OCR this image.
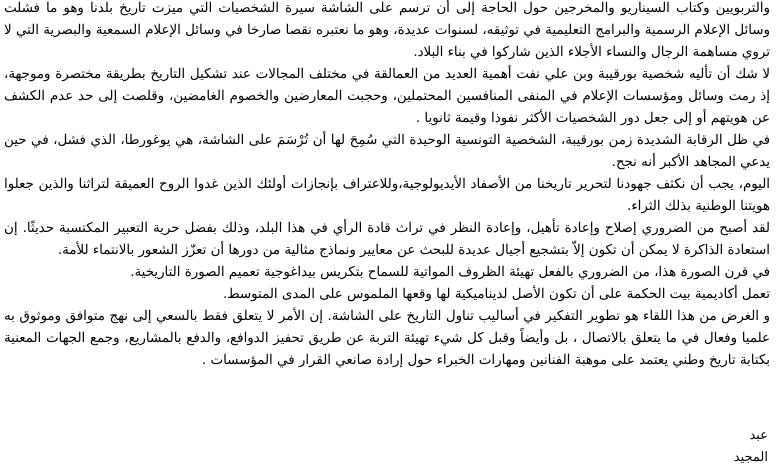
والتربويين وكتاب السيناريو والمخرجين حول الحاجة إلى أن ترسم على الشاشة سيرة الشخصيات التي ميزت تاريخ بلدنا وهو ما فشلت وسائل الإعلام الرسمية والبرامج التعليمية في توثيقه، لسنوات عديدة، وهو ما نعتبره نقصا صارخا في وسائل الإعلام السمعية والبصرية التي لا تروي مساهمة الرجال والنساء الأجلاء الذين شاركوا في بناء البلاد.

لا شك أن تأليه شخصية بورقيبة وبن علي نفت أهمية العديد من العمالقة في مختلف المجالات عند تشكيل التاريخ بطريقة مختصرة وموجهة، إذ رمت وسائل ومؤسسات الإعلام في المنفى المنافسين المحتملين، وحجبت المعارضين والخصوم الغامضين، وقلصت إلى حد عدم الكشف عن هويتهم أو إلى جعل دور الشخصيات الأكثر نفوذا وقيمة ثانويا .

في ظل الرقابة الشديدة زمن بورقيبة، الشخصية التونسية الوحيدة التي سُمِحَ لها أن تُرْسَمَ على الشاشة، هي يوغورطا، الذي فشل، في حين يدعي المجاهد الأكبر أنه نجح.

اليوم، يجب أن نكثف جهودنا لتحرير تاريخنا من الأصفاد الأيديولوجية،وللاعتراف بإنجازات أولئك الذين غدوا الروح العميقة لتراثنا والذين جعلوا هويتنا الوطنية بذلك الثراء.

لقد أصبح من الضروري إصلاح وإعادة تأهيل، وإعادة النظر في تراث قادة الرأي في هذا البلد، وذلك بفضل حرية التعبير المكتسبة حديثًا. إن استعادة الذاكرة لا يمكن أن تكون إلاّ بتشجيع أجيال عديدة للبحث عن معايير ونماذج مثالية من دورها أن تعزّز الشعور بالانتماء للأمة.

في قرن الصورة هذا، من الضروري بالفعل تهيئة الظروف المواتية للسماح بتكريس بيداغوجية تعميم الصورة التاريخية.

تعمل أكاديمية بيت الحكمة على أن تكون الأصل لديناميكية لها وقعها الملموس على المدى المتوسط.

و الغرض من هذا اللقاء هو تطوير التفكير في أساليب تناول التاريخ على الشاشة. إن الأمر لا يتعلق فقط بالسعي إلى نهج متوافق وموثوق به علميا وفعال في ما يتعلق بالاتصال ، بل وأيضاً وقبل كل شيء تهيئة التربة عن طريق تحفيز الدوافع، والدفع بالمشاريع، وجمع الجهات المعنية بكتابة تاريخ وطني يعتمد على موهبة الفنانين ومهارات الخبراء حول إرادة صانعي القرار في المؤسسات .

عبد المجيد
